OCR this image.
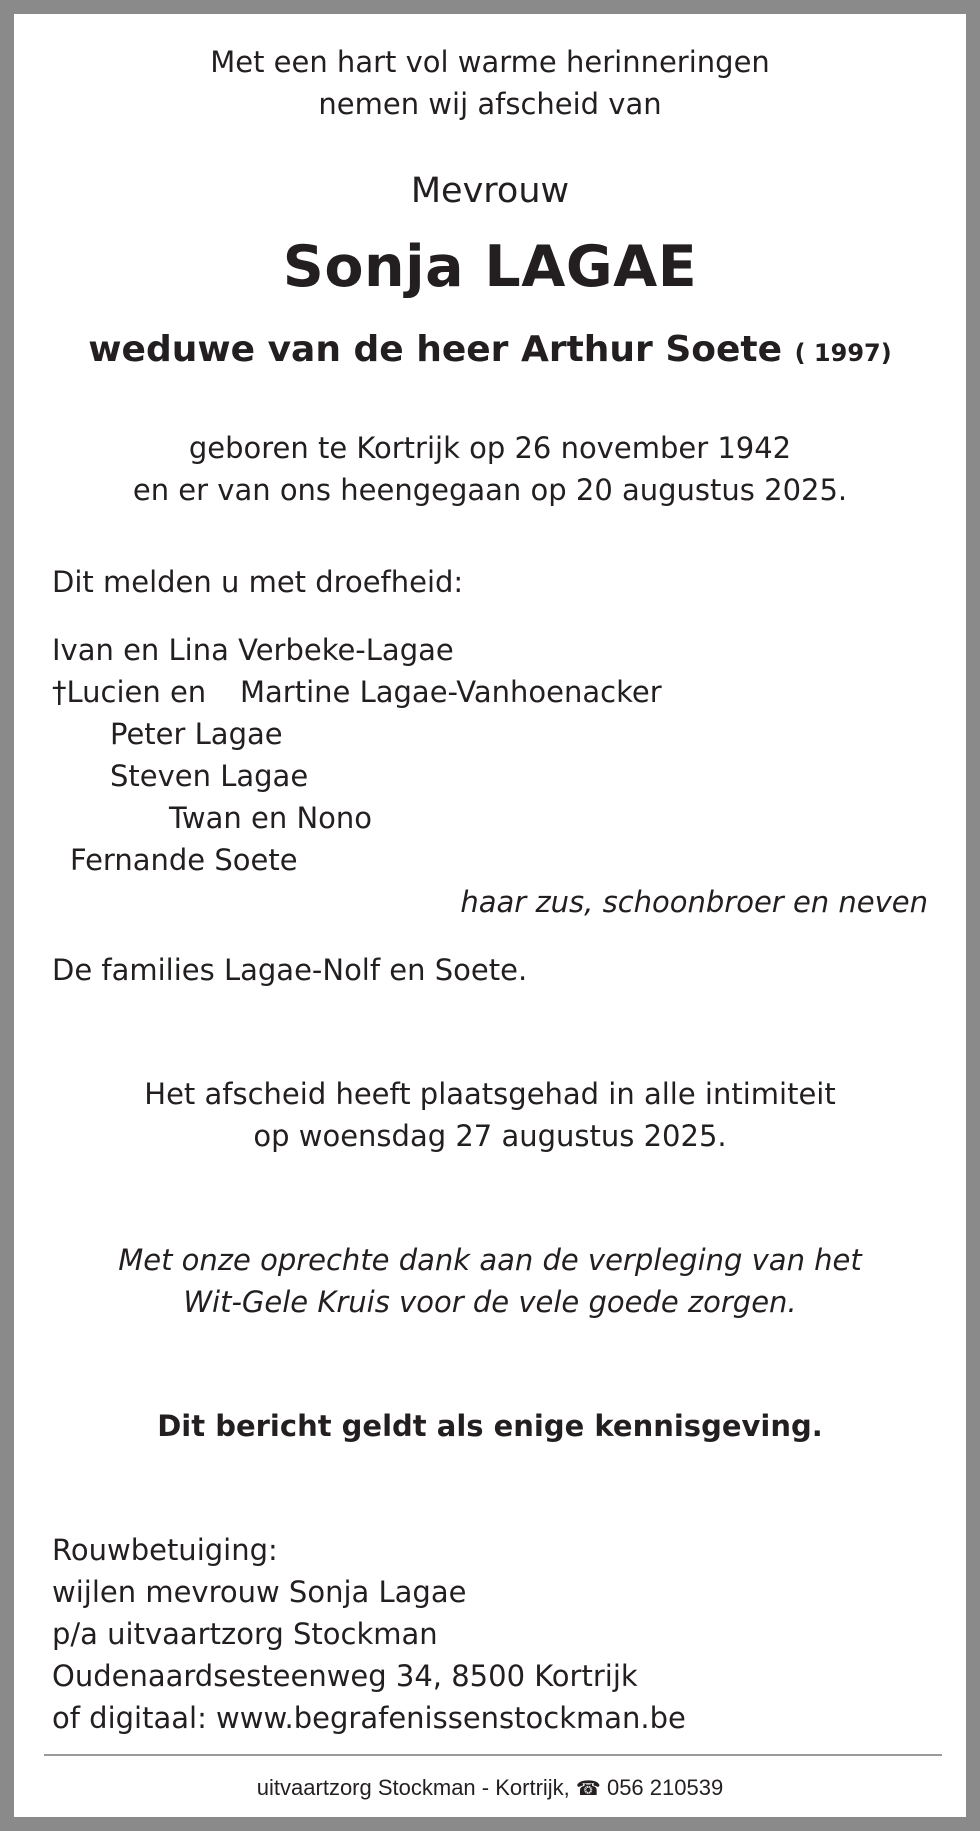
Met een hart vol warme herinneringen
nemen wij afscheid van
Mevrouw
Sonja LAGAE
weduwe van de heer Arthur Soete ( 1997)
geboren te Kortrijk op 26 november 1942
en er van ons heengegaan op 20 augustus 2025.
Dit melden u met droefheid:
Ivan en Lina Verbeke-Lagae
†Lucien en Martine Lagae-Vanhoenacker
Peter Lagae
Steven Lagae
Twan en Nono
Fernande Soete
haar zus, schoonbroer en neven
De families Lagae-Nolf en Soete.
Het afscheid heeft plaatsgehad in alle intimiteit
op woensdag 27 augustus 2025.
Met onze oprechte dank aan de verpleging van het
Wit-Gele Kruis voor de vele goede zorgen.
Dit bericht geldt als enige kennisgeving.
Rouwbetuiging:
wijlen mevrouw Sonja Lagae
p/a uitvaartzorg Stockman
Oudenaardsesteenweg 34, 8500 Kortrijk
of digitaal: www.begrafenissenstockman.be
uitvaartzorg Stockman - Kortrijk, ☎ 056 210539
